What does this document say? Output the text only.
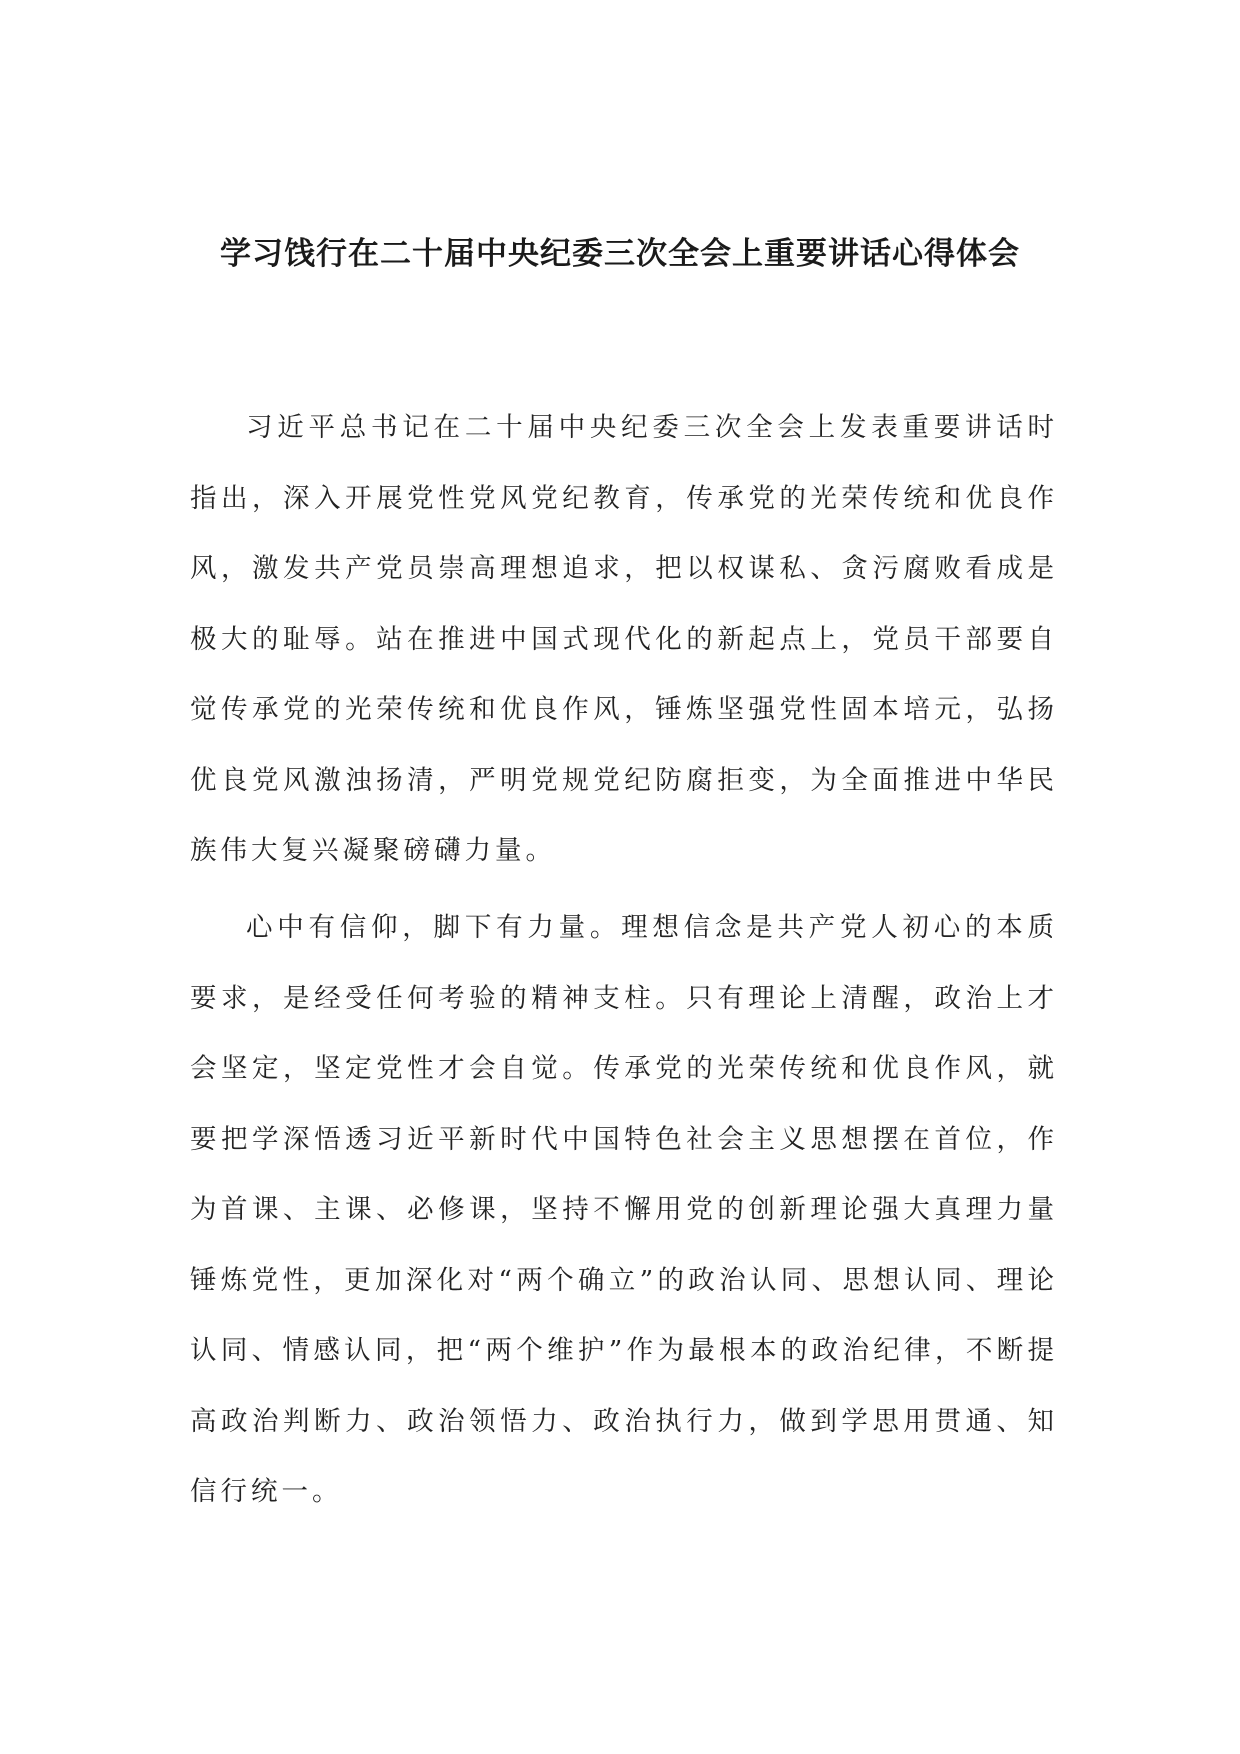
学习饯行在二十届中央纪委三次全会上重要讲话心得体会

习近平总书记在二十届中央纪委三次全会上发表重要讲话时指出，深入开展党性党风党纪教育，传承党的光荣传统和优良作风，激发共产党员崇高理想追求，把以权谋私、贪污腐败看成是极大的耻辱。站在推进中国式现代化的新起点上，党员干部要自觉传承党的光荣传统和优良作风，锤炼坚强党性固本培元，弘扬优良党风激浊扬清，严明党规党纪防腐拒变，为全面推进中华民族伟大复兴凝聚磅礴力量。

心中有信仰，脚下有力量。理想信念是共产党人初心的本质要求，是经受任何考验的精神支柱。只有理论上清醒，政治上才会坚定，坚定党性才会自觉。传承党的光荣传统和优良作风，就要把学深悟透习近平新时代中国特色社会主义思想摆在首位，作为首课、主课、必修课，坚持不懈用党的创新理论强大真理力量锤炼党性，更加深化对“两个确立”的政治认同、思想认同、理论认同、情感认同，把“两个维护”作为最根本的政治纪律，不断提高政治判断力、政治领悟力、政治执行力，做到学思用贯通、知信行统一。
